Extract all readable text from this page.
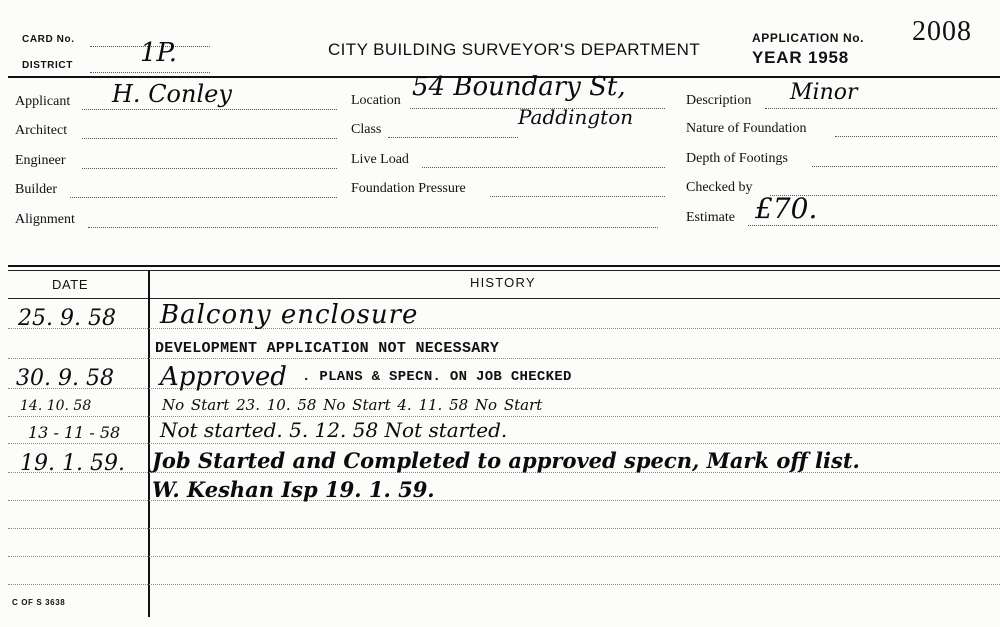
CARD No.
DISTRICT	1P.	CITY BUILDING SURVEYOR'S DEPARTMENT
APPLICATION No. 2008
YEAR 1958
Applicant H. Conley
Architect
Engineer
Builder
Alignment
Location 54 Boundary St,
Paddington
Class
Live Load
Foundation Pressure
Description Minor
Nature of Foundation
Depth of Footings
Checked by
Estimate £70.
DATE	HISTORY
25. 9. 58 Balcony enclosure
DEVELOPMENT APPLICATION NOT NECESSARY
30. 9. 58 Approved . PLANS & SPECN. ON JOB CHECKED
14. 10. 58	No Start 23. 10. 58 No Start 4. 11. 58 No Start
13 - 11 - 58 Not started. 5. 12. 58 Not started.
19. 1. 59. Job Started and Completed to approved specn, Mark off list.
W. Keshan Isp 19. 1. 59.
C OF S 3638
